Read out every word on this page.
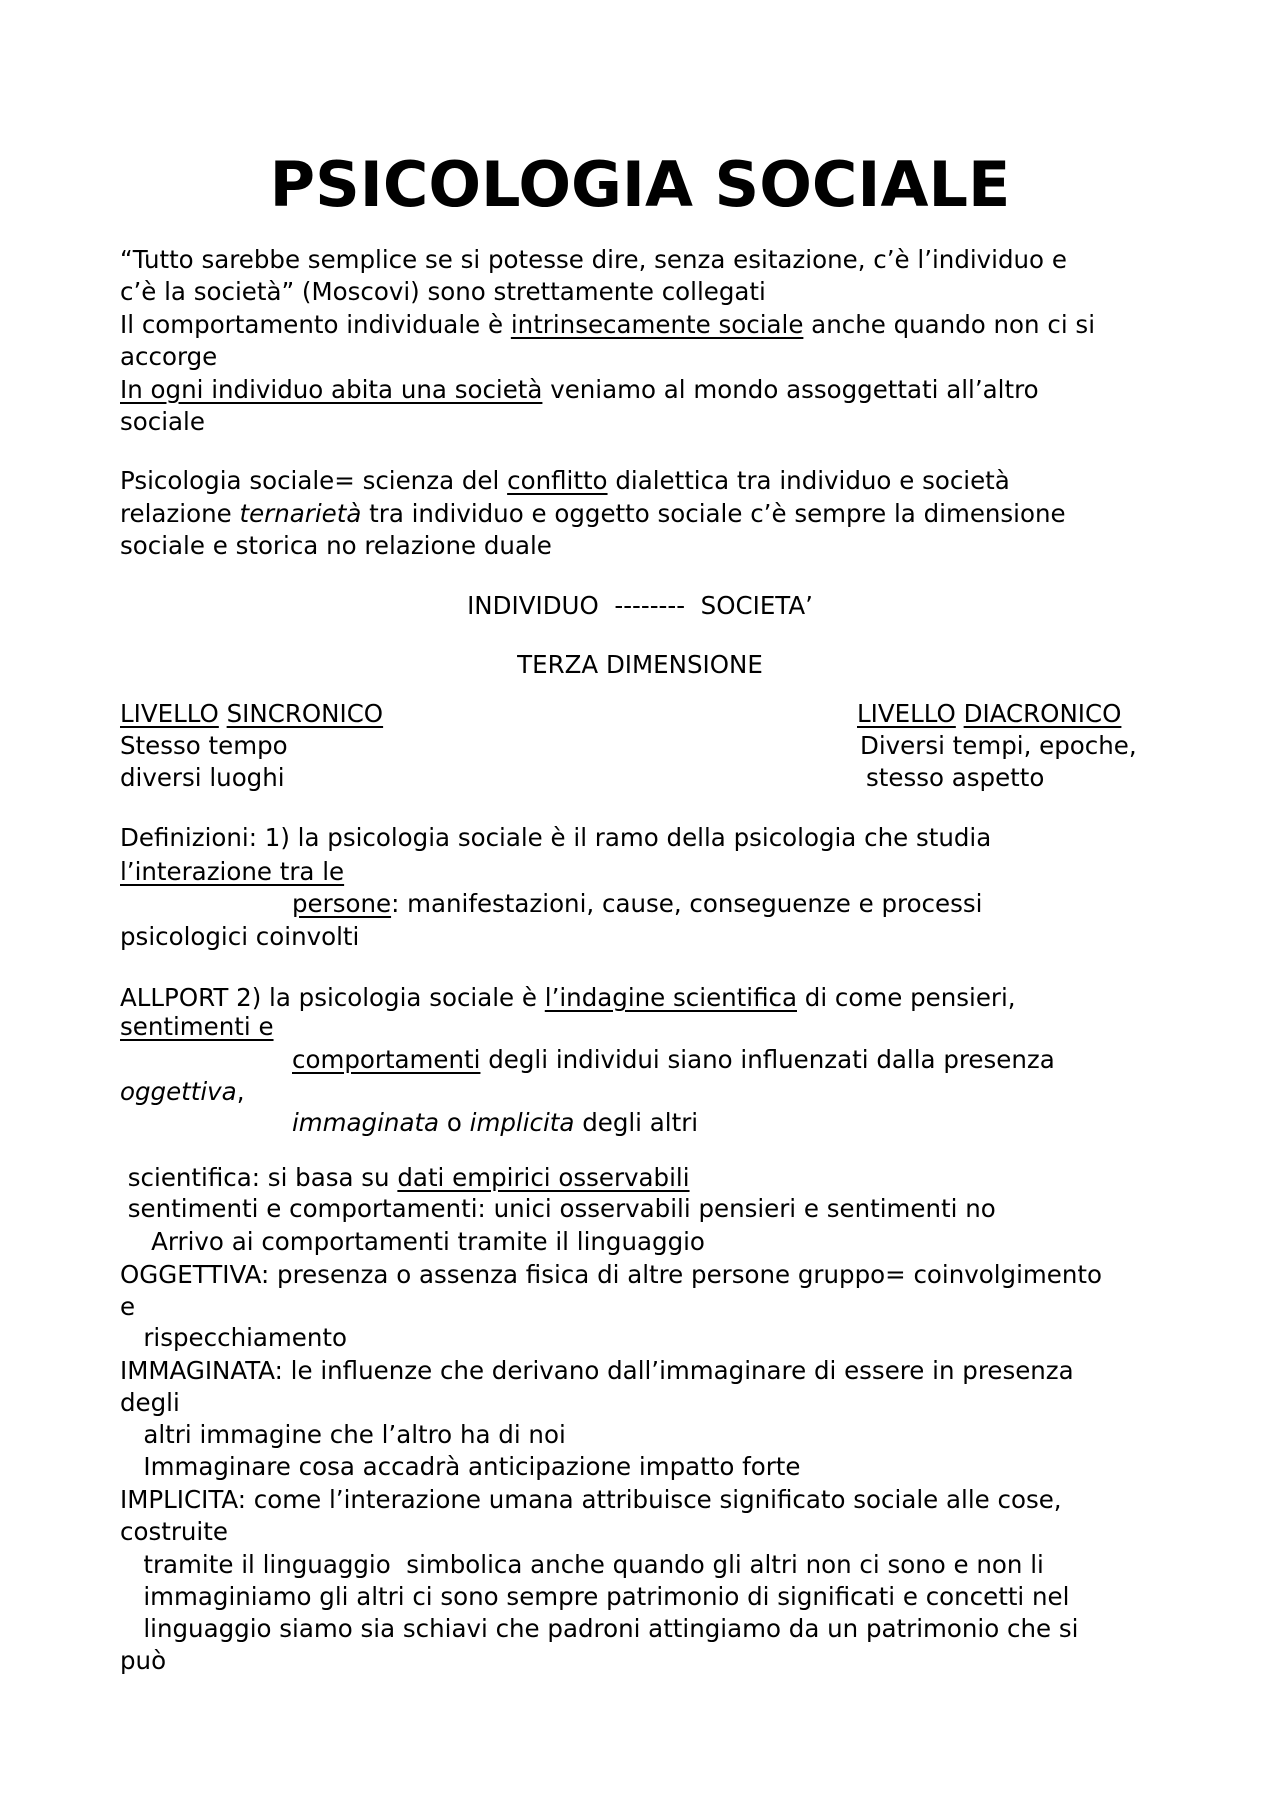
PSICOLOGIA SOCIALE
“Tutto sarebbe semplice se si potesse dire, senza esitazione, c’è l’individuo e
c’è la società” (Moscovi) sono strettamente collegati
Il comportamento individuale è intrinsecamente sociale anche quando non ci si
accorge
In ogni individuo abita una società veniamo al mondo assoggettati all’altro
sociale
Psicologia sociale= scienza del conflitto dialettica tra individuo e società
relazione ternarietà tra individuo e oggetto sociale c’è sempre la dimensione
sociale e storica no relazione duale
INDIVIDUO  --------  SOCIETA’
TERZA DIMENSIONE
LIVELLO SINCRONICO
Stesso tempo
diversi luoghi
LIVELLO DIACRONICO
Diversi tempi, epoche,
stesso aspetto
Definizioni: 1) la psicologia sociale è il ramo della psicologia che studia
l’interazione tra le
persone: manifestazioni, cause, conseguenze e processi
psicologici coinvolti
ALLPORT 2) la psicologia sociale è l’indagine scientifica di come pensieri,
sentimenti e
comportamenti degli individui siano influenzati dalla presenza
oggettiva,
immaginata o implicita degli altri
scientifica: si basa su dati empirici osservabili
sentimenti e comportamenti: unici osservabili pensieri e sentimenti no
Arrivo ai comportamenti tramite il linguaggio
OGGETTIVA: presenza o assenza fisica di altre persone gruppo= coinvolgimento
e
rispecchiamento
IMMAGINATA: le influenze che derivano dall’immaginare di essere in presenza
degli
altri immagine che l’altro ha di noi
Immaginare cosa accadrà anticipazione impatto forte
IMPLICITA: come l’interazione umana attribuisce significato sociale alle cose,
costruite
tramite il linguaggio  simbolica anche quando gli altri non ci sono e non li
immaginiamo gli altri ci sono sempre patrimonio di significati e concetti nel
linguaggio siamo sia schiavi che padroni attingiamo da un patrimonio che si
può
